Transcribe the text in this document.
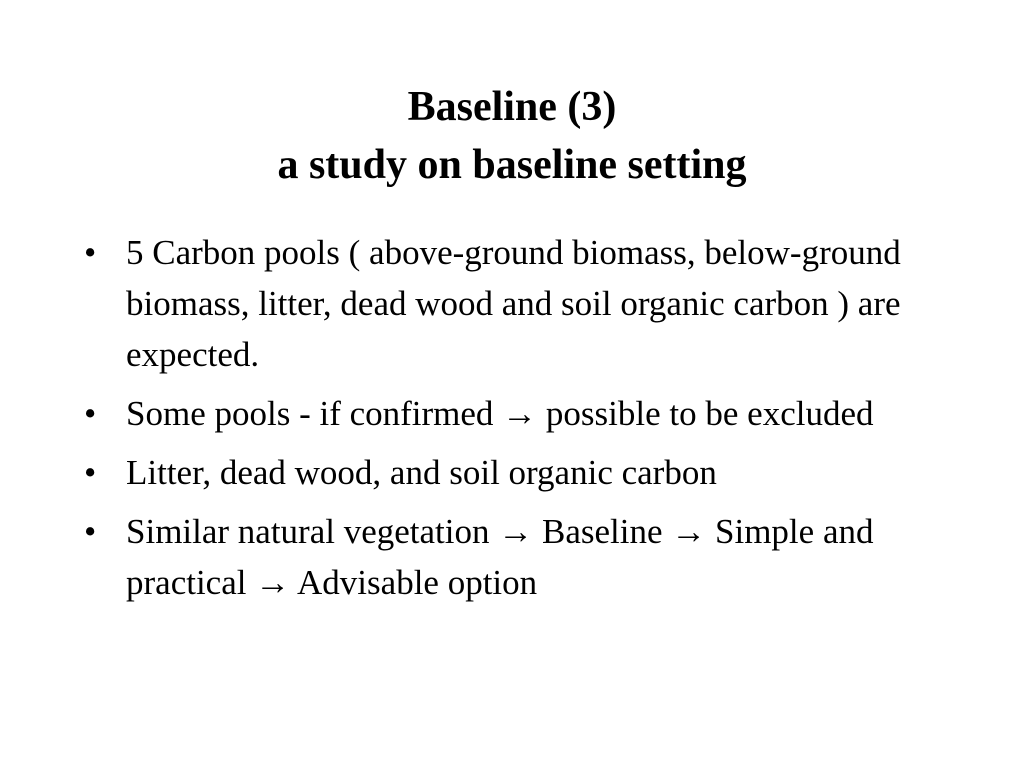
Baseline (3)
a study on baseline setting
• 5 Carbon pools ( above-ground biomass, below-ground biomass, litter, dead wood and soil organic carbon ) are expected.
• Some pools - if confirmed → possible to be excluded
• Litter, dead wood, and soil organic carbon
• Similar natural vegetation → Baseline → Simple and practical → Advisable option
